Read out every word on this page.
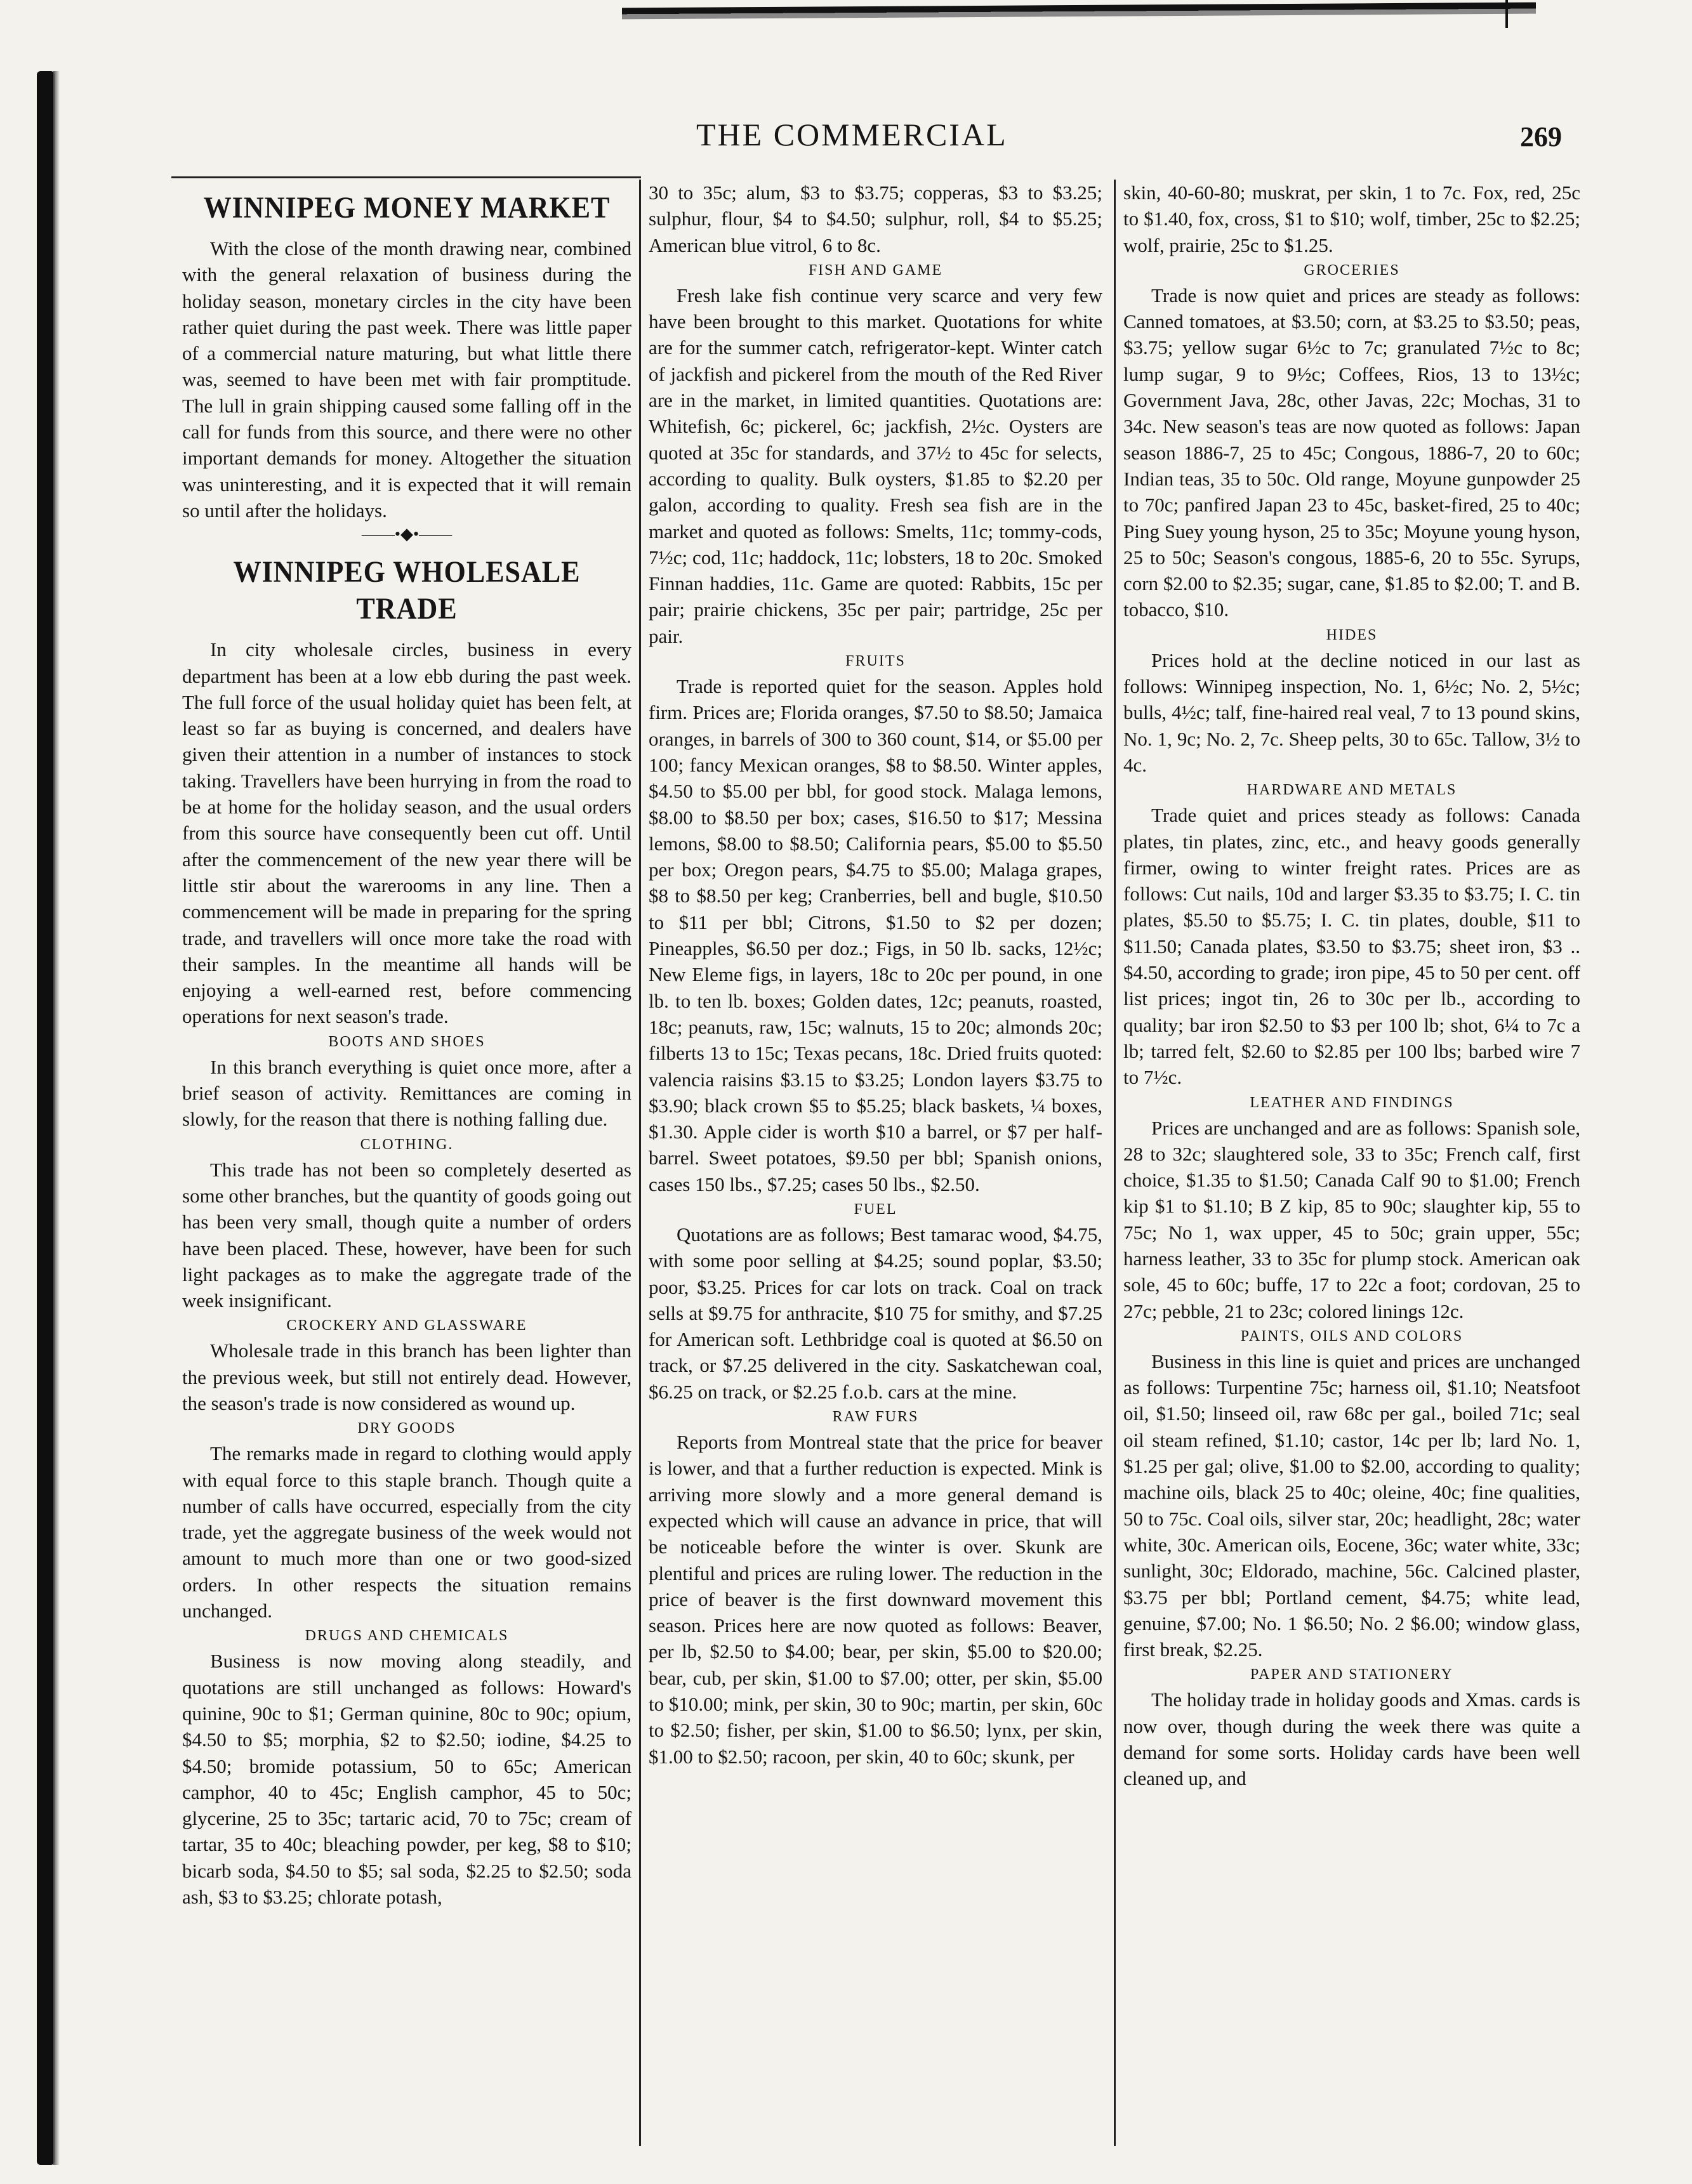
THE COMMERCIAL	269
WINNIPEG MONEY MARKET

With the close of the month drawing near, combined with the general relaxation of business during the holiday season, monetary circles in the city have been rather quiet during the past week. There was little paper of a commercial nature maturing, but what little there was, seemed to have been met with fair promptitude. The lull in grain shipping caused some falling off in the call for funds from this source, and there were no other important demands for money. Altogether the situation was uninteresting, and it is expected that it will remain so until after the holidays.

——•◆•——
WINNIPEG WHOLESALE TRADE

In city wholesale circles, business in every department has been at a low ebb during the past week. The full force of the usual holiday quiet has been felt, at least so far as buying is concerned, and dealers have given their attention in a number of instances to stock taking. Travellers have been hurrying in from the road to be at home for the holiday season, and the usual orders from this source have consequently been cut off. Until after the commencement of the new year there will be little stir about the warerooms in any line. Then a commencement will be made in preparing for the spring trade, and travellers will once more take the road with their samples. In the meantime all hands will be enjoying a well-earned rest, before commencing operations for next season's trade.

BOOTS AND SHOES

In this branch everything is quiet once more, after a brief season of activity. Remittances are coming in slowly, for the reason that there is nothing falling due.

CLOTHING.

This trade has not been so completely deserted as some other branches, but the quantity of goods going out has been very small, though quite a number of orders have been placed. These, however, have been for such light packages as to make the aggregate trade of the week insignificant.

CROCKERY AND GLASSWARE

Wholesale trade in this branch has been lighter than the previous week, but still not entirely dead. However, the season's trade is now considered as wound up.

DRY GOODS

The remarks made in regard to clothing would apply with equal force to this staple branch. Though quite a number of calls have occurred, especially from the city trade, yet the aggregate business of the week would not amount to much more than one or two good-sized orders. In other respects the situation remains unchanged.

DRUGS AND CHEMICALS

Business is now moving along steadily, and quotations are still unchanged as follows: Howard's quinine, 90c to $1; German quinine, 80c to 90c; opium, $4.50 to $5; morphia, $2 to $2.50; iodine, $4.25 to $4.50; bromide potassium, 50 to 65c; American camphor, 40 to 45c; English camphor, 45 to 50c; glycerine, 25 to 35c; tartaric acid, 70 to 75c; cream of tartar, 35 to 40c; bleaching powder, per keg, $8 to $10; bicarb soda, $4.50 to $5; sal soda, $2.25 to $2.50; soda ash, $3 to $3.25; chlorate potash,

30 to 35c; alum, $3 to $3.75; copperas, $3 to $3.25; sulphur, flour, $4 to $4.50; sulphur, roll, $4 to $5.25; American blue vitrol, 6 to 8c.

FISH AND GAME

Fresh lake fish continue very scarce and very few have been brought to this market. Quotations for white are for the summer catch, refrigerator-kept. Winter catch of jackfish and pickerel from the mouth of the Red River are in the market, in limited quantities. Quotations are: Whitefish, 6c; pickerel, 6c; jackfish, 2½c. Oysters are quoted at 35c for standards, and 37½ to 45c for selects, according to quality. Bulk oysters, $1.85 to $2.20 per galon, according to quality. Fresh sea fish are in the market and quoted as follows: Smelts, 11c; tommy-cods, 7½c; cod, 11c; haddock, 11c; lobsters, 18 to 20c. Smoked Finnan haddies, 11c. Game are quoted: Rabbits, 15c per pair; prairie chickens, 35c per pair; partridge, 25c per pair.

FRUITS

Trade is reported quiet for the season. Apples hold firm. Prices are; Florida oranges, $7.50 to $8.50; Jamaica oranges, in barrels of 300 to 360 count, $14, or $5.00 per 100; fancy Mexican oranges, $8 to $8.50. Winter apples, $4.50 to $5.00 per bbl, for good stock. Malaga lemons, $8.00 to $8.50 per box; cases, $16.50 to $17; Messina lemons, $8.00 to $8.50; California pears, $5.00 to $5.50 per box; Oregon pears, $4.75 to $5.00; Malaga grapes, $8 to $8.50 per keg; Cranberries, bell and bugle, $10.50 to $11 per bbl; Citrons, $1.50 to $2 per dozen; Pineapples, $6.50 per doz.; Figs, in 50 lb. sacks, 12½c; New Eleme figs, in layers, 18c to 20c per pound, in one lb. to ten lb. boxes; Golden dates, 12c; peanuts, roasted, 18c; peanuts, raw, 15c; walnuts, 15 to 20c; almonds 20c; filberts 13 to 15c; Texas pecans, 18c. Dried fruits quoted: valencia raisins $3.15 to $3.25; London layers $3.75 to $3.90; black crown $5 to $5.25; black baskets, ¼ boxes, $1.30. Apple cider is worth $10 a barrel, or $7 per half-barrel. Sweet potatoes, $9.50 per bbl; Spanish onions, cases 150 lbs., $7.25; cases 50 lbs., $2.50.

FUEL

Quotations are as follows; Best tamarac wood, $4.75, with some poor selling at $4.25; sound poplar, $3.50; poor, $3.25. Prices for car lots on track. Coal on track sells at $9.75 for anthracite, $10 75 for smithy, and $7.25 for American soft. Lethbridge coal is quoted at $6.50 on track, or $7.25 delivered in the city. Saskatchewan coal, $6.25 on track, or $2.25 f.o.b. cars at the mine.

RAW FURS

Reports from Montreal state that the price for beaver is lower, and that a further reduction is expected. Mink is arriving more slowly and a more general demand is expected which will cause an advance in price, that will be noticeable before the winter is over. Skunk are plentiful and prices are ruling lower. The reduction in the price of beaver is the first downward movement this season. Prices here are now quoted as follows: Beaver, per lb, $2.50 to $4.00; bear, per skin, $5.00 to $20.00; bear, cub, per skin, $1.00 to $7.00; otter, per skin, $5.00 to $10.00; mink, per skin, 30 to 90c; martin, per skin, 60c to $2.50; fisher, per skin, $1.00 to $6.50; lynx, per skin, $1.00 to $2.50; racoon, per skin, 40 to 60c; skunk, per

skin, 40-60-80; muskrat, per skin, 1 to 7c. Fox, red, 25c to $1.40, fox, cross, $1 to $10; wolf, timber, 25c to $2.25; wolf, prairie, 25c to $1.25.

GROCERIES

Trade is now quiet and prices are steady as follows: Canned tomatoes, at $3.50; corn, at $3.25 to $3.50; peas, $3.75; yellow sugar 6½c to 7c; granulated 7½c to 8c; lump sugar, 9 to 9½c; Coffees, Rios, 13 to 13½c; Government Java, 28c, other Javas, 22c; Mochas, 31 to 34c. New season's teas are now quoted as follows: Japan season 1886-7, 25 to 45c; Congous, 1886-7, 20 to 60c; Indian teas, 35 to 50c. Old range, Moyune gunpowder 25 to 70c; panfired Japan 23 to 45c, basket-fired, 25 to 40c; Ping Suey young hyson, 25 to 35c; Moyune young hyson, 25 to 50c; Season's congous, 1885-6, 20 to 55c. Syrups, corn $2.00 to $2.35; sugar, cane, $1.85 to $2.00; T. and B. tobacco, $10.

HIDES

Prices hold at the decline noticed in our last as follows: Winnipeg inspection, No. 1, 6½c; No. 2, 5½c; bulls, 4½c; talf, fine-haired real veal, 7 to 13 pound skins, No. 1, 9c; No. 2, 7c. Sheep pelts, 30 to 65c. Tallow, 3½ to 4c.

HARDWARE AND METALS

Trade quiet and prices steady as follows: Canada plates, tin plates, zinc, etc., and heavy goods generally firmer, owing to winter freight rates. Prices are as follows: Cut nails, 10d and larger $3.35 to $3.75; I. C. tin plates, $5.50 to $5.75; I. C. tin plates, double, $11 to $11.50; Canada plates, $3.50 to $3.75; sheet iron, $3 .. $4.50, according to grade; iron pipe, 45 to 50 per cent. off list prices; ingot tin, 26 to 30c per lb., according to quality; bar iron $2.50 to $3 per 100 lb; shot, 6¼ to 7c a lb; tarred felt, $2.60 to $2.85 per 100 lbs; barbed wire 7 to 7½c.

LEATHER AND FINDINGS

Prices are unchanged and are as follows: Spanish sole, 28 to 32c; slaughtered sole, 33 to 35c; French calf, first choice, $1.35 to $1.50; Canada Calf 90 to $1.00; French kip $1 to $1.10; B Z kip, 85 to 90c; slaughter kip, 55 to 75c; No 1, wax upper, 45 to 50c; grain upper, 55c; harness leather, 33 to 35c for plump stock. American oak sole, 45 to 60c; buffe, 17 to 22c a foot; cordovan, 25 to 27c; pebble, 21 to 23c; colored linings 12c.

PAINTS, OILS AND COLORS

Business in this line is quiet and prices are unchanged as follows: Turpentine 75c; harness oil, $1.10; Neatsfoot oil, $1.50; linseed oil, raw 68c per gal., boiled 71c; seal oil steam refined, $1.10; castor, 14c per lb; lard No. 1, $1.25 per gal; olive, $1.00 to $2.00, according to quality; machine oils, black 25 to 40c; oleine, 40c; fine qualities, 50 to 75c. Coal oils, silver star, 20c; headlight, 28c; water white, 30c. American oils, Eocene, 36c; water white, 33c; sunlight, 30c; Eldorado, machine, 56c. Calcined plaster, $3.75 per bbl; Portland cement, $4.75; white lead, genuine, $7.00; No. 1 $6.50; No. 2 $6.00; window glass, first break, $2.25.

PAPER AND STATIONERY

The holiday trade in holiday goods and Xmas. cards is now over, though during the week there was quite a demand for some sorts. Holiday cards have been well cleaned up, and
